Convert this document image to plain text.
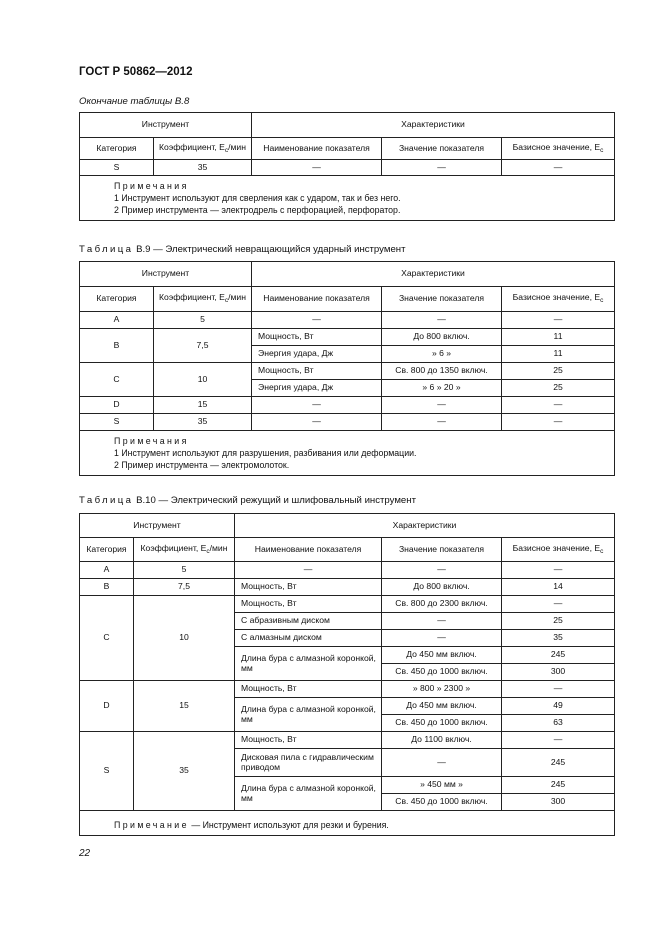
ГОСТ Р 50862—2012
Окончание таблицы В.8
Инструмент		Характеристики		
Категория	Коэффициент, $E_c$/мин	Наименование показателя	Значение показателя	Базисное значение, $E_c$
S	35	—	—	—

Примечания
1 Инструмент используют для сверления как с ударом, так и без него.
2 Пример инструмента — электродрель с перфорацией, перфоратор.				
Таблица В.9 — Электрический невращающийся ударный инструмент
Инструмент		Характеристики		
Категория	Коэффициент, $E_c$/мин	Наименование показателя	Значение показателя	Базисное значение, $E_c$
A	5	—	—	—
B	7,5	Мощность, Вт	До 800 включ.	11
		Энергия удара, Дж	» 6 »	11
C	10	Мощность, Вт	Св. 800 до 1350 включ.	25
		Энергия удара, Дж	» 6 » 20 »	25
D	15	—	—	—
S	35	—	—	—

Примечания
1 Инструмент используют для разрушения, разбивания или деформации.
2 Пример инструмента — электромолоток.				
Таблица В.10 — Электрический режущий и шлифовальный инструмент
Инструмент		Характеристики		
Категория	Коэффициент, $E_c$/мин	Наименование показателя	Значение показателя	Базисное значение, $E_c$
A	5	—	—	—
B	7,5	Мощность, Вт	До 800 включ.	14
C	10	Мощность, Вт	Св. 800 до 2300 включ.	—
		С абразивным диском	—	25
		С алмазным диском	—	35
		Длина бура с алмазной коронкой, мм	До 450 мм включ.	245
			Св. 450 до 1000 включ.	300
D	15	Мощность, Вт	» 800 » 2300 »	—
		Длина бура с алмазной коронкой, мм	До 450 мм включ.	49
			Св. 450 до 1000 включ.	63
S	35	Мощность, Вт	До 1100 включ.	—
		Дисковая пила с гидравлическим приводом	—	245
		Длина бура с алмазной коронкой, мм	» 450 мм »	245
			Св. 450 до 1000 включ.	300
Примечание — Инструмент используют для резки и бурения.				
22
